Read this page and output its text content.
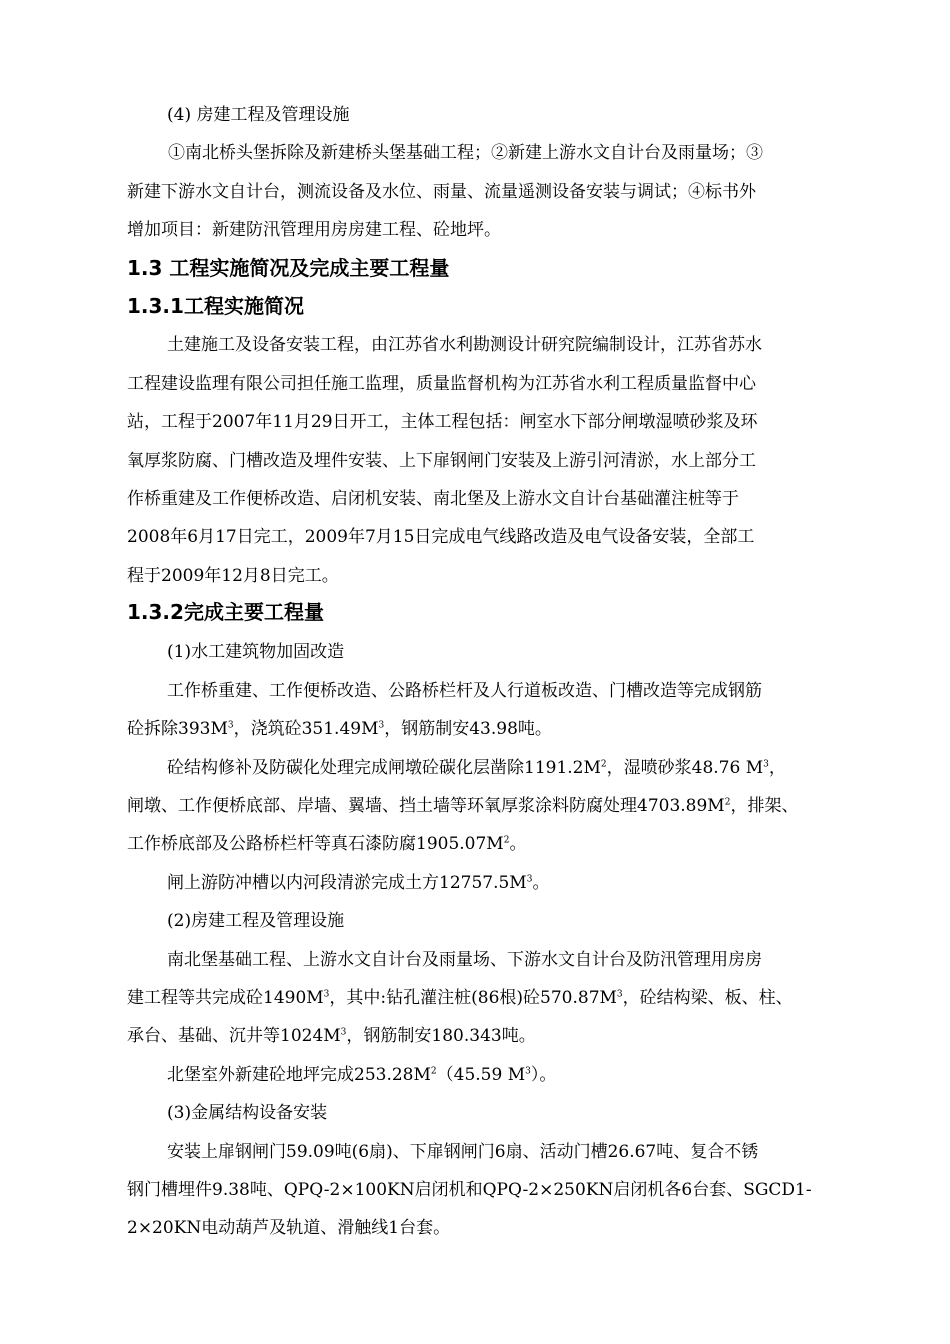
(4) 房建工程及管理设施
①南北桥头堡拆除及新建桥头堡基础工程；②新建上游水文自计台及雨量场；③
新建下游水文自计台，测流设备及水位、雨量、流量遥测设备安装与调试；④标书外
增加项目：新建防汛管理用房房建工程、砼地坪。
1.3 工程实施简况及完成主要工程量
1.3.1工程实施简况
土建施工及设备安装工程，由江苏省水利勘测设计研究院编制设计，江苏省苏水
工程建设监理有限公司担任施工监理，质量监督机构为江苏省水利工程质量监督中心
站，工程于2007年11月29日开工，主体工程包括：闸室水下部分闸墩湿喷砂浆及环
氧厚浆防腐、门槽改造及埋件安装、上下扉钢闸门安装及上游引河清淤，水上部分工
作桥重建及工作便桥改造、启闭机安装、南北堡及上游水文自计台基础灌注桩等于
2008年6月17日完工，2009年7月15日完成电气线路改造及电气设备安装，全部工
程于2009年12月8日完工。
1.3.2完成主要工程量
(1)水工建筑物加固改造
工作桥重建、工作便桥改造、公路桥栏杆及人行道板改造、门槽改造等完成钢筋
砼拆除$393M^3$，浇筑砼$351.49M^3$，钢筋制安43.98吨。
砼结构修补及防碳化处理完成闸墩砼碳化层凿除$1191.2M^2$，湿喷砂浆48.76 $M^3$，
闸墩、工作便桥底部、岸墙、翼墙、挡土墙等环氧厚浆涂料防腐处理$4703.89M^2$，排架、
工作桥底部及公路桥栏杆等真石漆防腐$1905.07M^2$。
闸上游防冲槽以内河段清淤完成土方$12757.5M^3$。
(2)房建工程及管理设施
南北堡基础工程、上游水文自计台及雨量场、下游水文自计台及防汛管理用房房
建工程等共完成砼$1490M^3$，其中:钻孔灌注桩(86根)砼$570.87M^3$，砼结构梁、板、柱、
承台、基础、沉井等$1024M^3$，钢筋制安180.343吨。
北堡室外新建砼地坪完成$253.28M^2(45.59$ $M^3$）。
(3)金属结构设备安装
安装上扉钢闸门59.09吨(6扇)、下扉钢闸门6扇、活动门槽26.67吨、复合不锈
钢门槽埋件9.38吨、QPQ-2×100KN启闭机和QPQ-2×250KN启闭机各6台套、SGCD1-
2×20KN电动葫芦及轨道、滑触线1台套。
